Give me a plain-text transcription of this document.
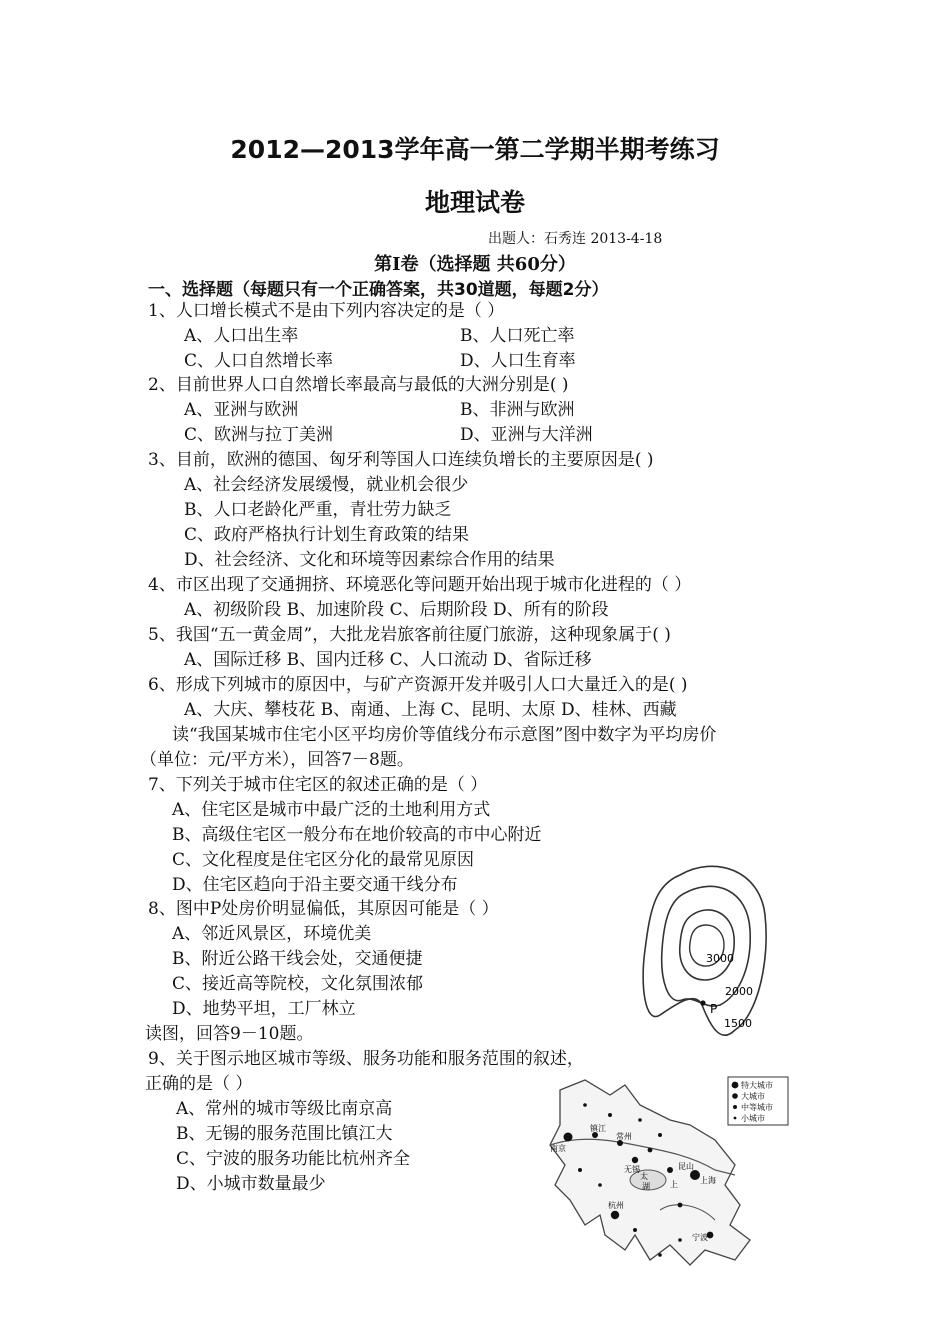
2012—2013学年高一第二学期半期考练习
地理试卷
出题人：石秀连 2013-4-18
第Ⅰ卷（选择题 共60分）
一、选择题（每题只有一个正确答案，共30道题，每题2分）
1、人口增长模式不是由下列内容决定的是（ ）
A、人口出生率	B、人口死亡率
C、人口自然增长率	D、人口生育率
2、目前世界人口自然增长率最高与最低的大洲分别是( )
A、亚洲与欧洲	B、非洲与欧洲
C、欧洲与拉丁美洲	D、亚洲与大洋洲
3、目前，欧洲的德国、匈牙利等国人口连续负增长的主要原因是( )
A、社会经济发展缓慢，就业机会很少
B、人口老龄化严重，青壮劳力缺乏
C、政府严格执行计划生育政策的结果
D、社会经济、文化和环境等因素综合作用的结果
4、市区出现了交通拥挤、环境恶化等问题开始出现于城市化进程的（ ）
A、初级阶段 B、加速阶段 C、后期阶段 D、所有的阶段
5、我国“五一黄金周”，大批龙岩旅客前往厦门旅游，这种现象属于( )
A、国际迁移 B、国内迁移 C、人口流动 D、省际迁移
6、形成下列城市的原因中，与矿产资源开发并吸引人口大量迁入的是( )
A、大庆、攀枝花 B、南通、上海 C、昆明、太原 D、桂林、西藏
读“我国某城市住宅小区平均房价等值线分布示意图”图中数字为平均房价
（单位：元/平方米），回答7－8题。
7、下列关于城市住宅区的叙述正确的是（ ）
A、住宅区是城市中最广泛的土地利用方式
B、高级住宅区一般分布在地价较高的市中心附近
C、文化程度是住宅区分化的最常见原因
D、住宅区趋向于沿主要交通干线分布
8、图中P处房价明显偏低，其原因可能是（ ）
A、邻近风景区，环境优美
B、附近公路干线会处，交通便捷
C、接近高等院校，文化氛围浓郁
D、地势平坦，工厂林立
读图，回答9－10题。
9、关于图示地区城市等级、服务功能和服务范围的叙述，
正确的是（ ）
A、常州的城市等级比南京高
B、无锡的服务范围比镇江大
C、宁波的服务功能比杭州齐全
D、小城市数量最少
3000
2000
P
1500
特大城市
大城市
中等城市
小城市
镇江
南京
常州
无锡
太
湖	上
昆山
上海
杭州
宁波
